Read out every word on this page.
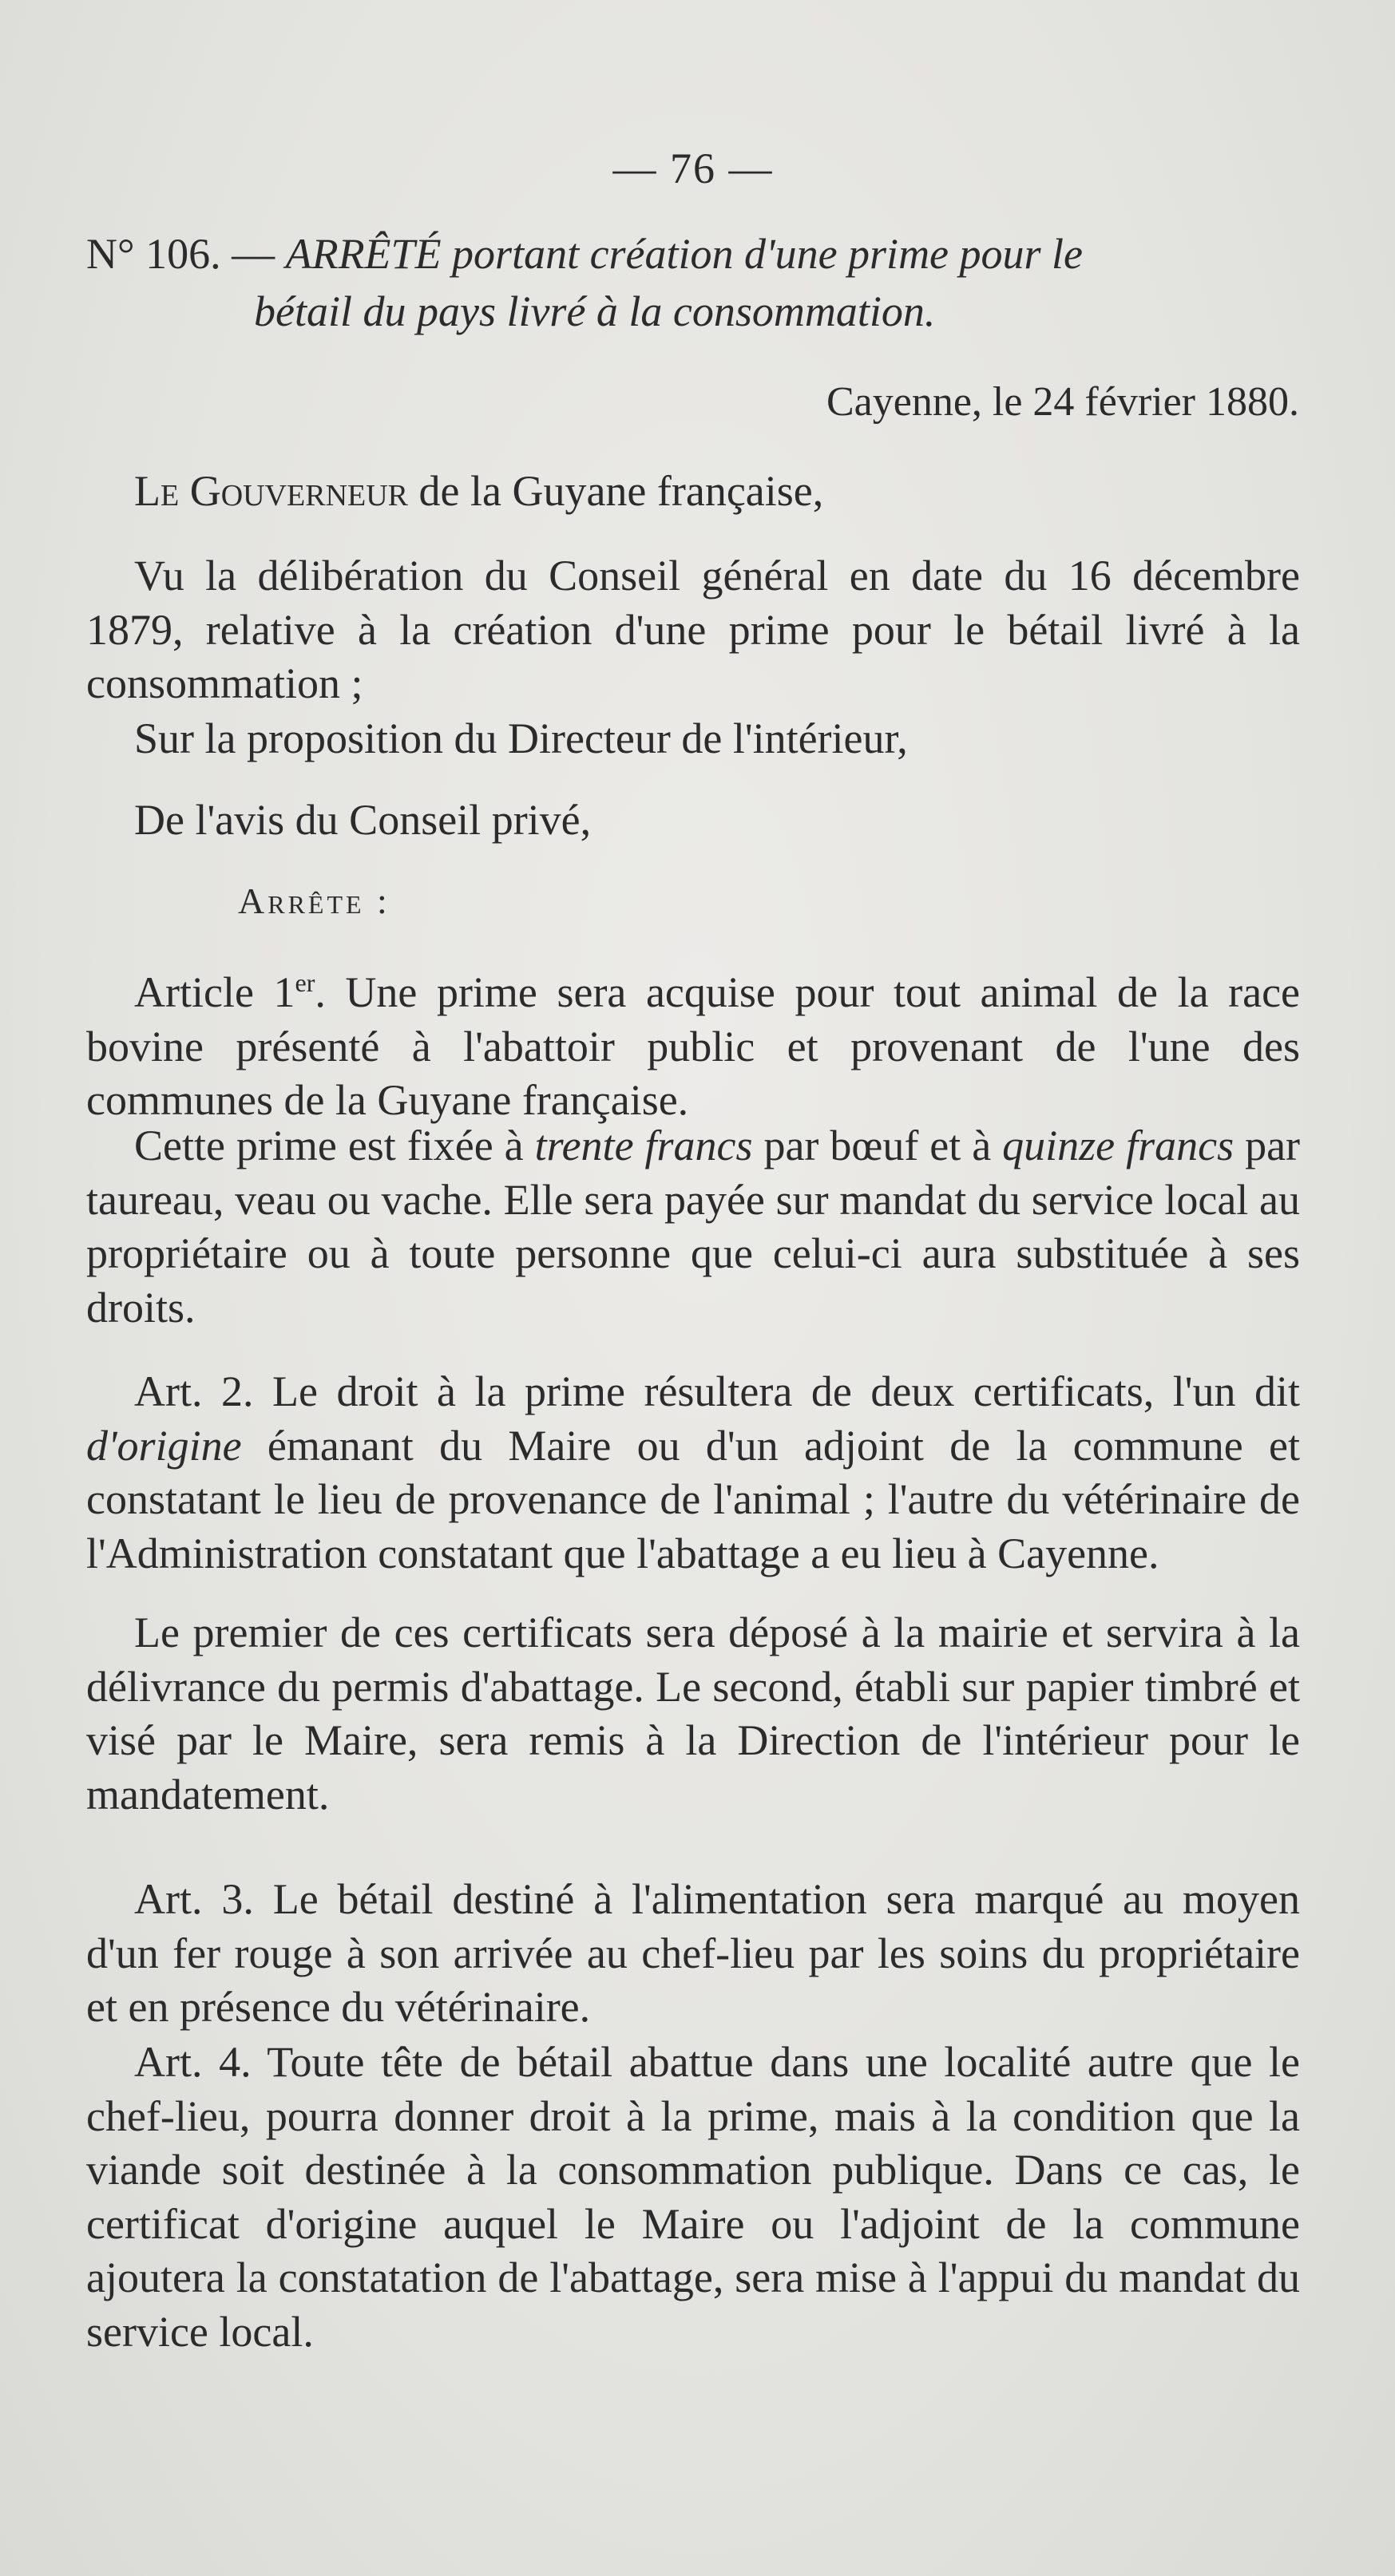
— 76 —
N° 106. — ARRÊTÉ portant création d'une prime pour le
bétail du pays livré à la consommation.
Cayenne, le 24 février 1880.
Le Gouverneur de la Guyane française,
Vu la délibération du Conseil général en date du 16 décembre 1879, relative à la création d'une prime pour le bétail livré à la consommation ;
Sur la proposition du Directeur de l'intérieur,
De l'avis du Conseil privé,
Arrête :
Article 1er. Une prime sera acquise pour tout animal de la race bovine présenté à l'abattoir public et provenant de l'une des communes de la Guyane française.
Cette prime est fixée à trente francs par bœuf et à quinze francs par taureau, veau ou vache. Elle sera payée sur mandat du service local au propriétaire ou à toute personne que celui-ci aura substituée à ses droits.
Art. 2. Le droit à la prime résultera de deux certificats, l'un dit d'origine émanant du Maire ou d'un adjoint de la commune et constatant le lieu de provenance de l'animal ; l'autre du vétérinaire de l'Administration constatant que l'abattage a eu lieu à Cayenne.
Le premier de ces certificats sera déposé à la mairie et servira à la délivrance du permis d'abattage. Le second, établi sur papier timbré et visé par le Maire, sera remis à la Direction de l'intérieur pour le mandatement.
Art. 3. Le bétail destiné à l'alimentation sera marqué au moyen d'un fer rouge à son arrivée au chef-lieu par les soins du propriétaire et en présence du vétérinaire.
Art. 4. Toute tête de bétail abattue dans une localité autre que le chef-lieu, pourra donner droit à la prime, mais à la condition que la viande soit destinée à la consommation publique. Dans ce cas, le certificat d'origine auquel le Maire ou l'adjoint de la commune ajoutera la constatation de l'abattage, sera mise à l'appui du mandat du service local.
